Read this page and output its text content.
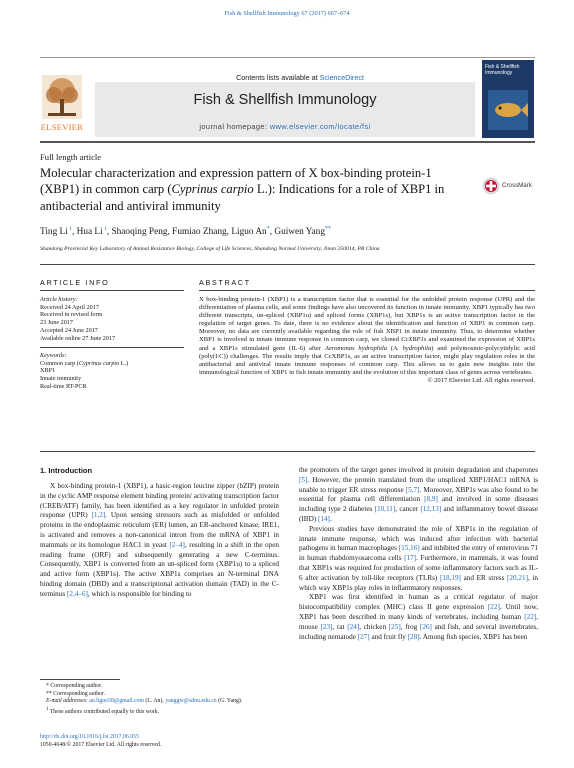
Fish & Shellfish Immunology 67 (2017) 667–674
ELSEVIER
Contents lists available at ScienceDirect
Fish & Shellfish Immunology
journal homepage: www.elsevier.com/locate/fsi
Fish & Shellfish Immunology
Full length article
Molecular characterization and expression pattern of X box-binding protein-1 (XBP1) in common carp (Cyprinus carpio L.): Indications for a role of XBP1 in antibacterial and antiviral immunity
CrossMark
Ting Li $^1$, Hua Li $^1$, Shaoqing Peng, Fumiao Zhang, Liguo An*, Guiwen Yang**
Shandong Provincial Key Laboratory of Animal Resistance Biology, College of Life Sciences, Shandong Normal University, Jinan 250014, PR China
ARTICLE INFO	ABSTRACT
Article history:
Received 24 April 2017
Received in revised form
23 June 2017
Accepted 24 June 2017
Available online 27 June 2017
Keywords:
Common carp (Cyprinus carpio L.)
XBP1
Innate immunity
Real-time RT-PCR
X box-binding protein-1 (XBP1) is a transcription factor that is essential for the unfolded protein response (UPR) and the differentiation of plasma cells, and some findings have also uncovered its function in innate immunity. XBP1 typically has two different transcripts, un-spliced (XBP1u) and spliced forms (XBP1s), but XBP1s is an active transcription factor in the regulation of target genes. To date, there is no evidence about the identification and function of XBP1 in common carp. Moreover, no data are currently available regarding the role of fish XBP1 in innate immunity. Thus, to determine whether XBP1 is involved in innate immune response in common carp, we cloned CcXBP1s and examined the expression of XBP1s and a XBP1s stimulated gene (IL-6) after Aeromonas hydrophila (A. hydrophila) and polyinosinic-polycytidylic acid (poly(I:C)) challenges. The results imply that CcXBP1s, as an active transcription factor, might play regulation roles in the antibacterial and antiviral innate immune responses of common carp. This allows us to gain new insights into the immunological function of XBP1 in fish innate immunity and the evolution of this important class of genes across vertebrates.
© 2017 Elsevier Ltd. All rights reserved.
1. Introduction

X box-binding protein-1 (XBP1), a basic-region leucine zipper (bZIP) protein in the cyclic AMP response element binding protein/ activating transcription factor (CREB/ATF) family, has been identified as a key regulator in unfolded protein response (UPR) [1,2]. Upon sensing stressors such as misfolded or unfolded proteins in the endoplasmic reticulum (ER) lumen, an ER-anchored kinase, IRE1, is activated and removes a non-canonical intron from the mRNA of XBP1 in mammals or its homologue HAC1 in yeast [2–4], resulting in a shift in the open reading frame (ORF) and subsequently generating a new C-terminus. Consequently, XBP1 is converted from an un-spliced form (XBP1u) to a spliced and active form (XBP1s). The active XBP1s comprises an N-terminal DNA binding domain (DBD) and a transcriptional activation domain (TAD) in the C-terminus [2,4–6], which is responsible for binding to

the promoters of the target genes involved in protein degradation and chaperones [5]. However, the protein translated from the unspliced XBP1/HAC1 mRNA is unable to trigger ER stress response [5,7]. Moreover, XBP1s was also found to be essential for plasma cell differentiation [8,9] and involved in some diseases including type 2 diabetes [10,11], cancer [12,13] and inflammatory bowel disease (IBD) [14].

Previous studies have demonstrated the role of XBP1s in the regulation of innate immune response, which was induced after infection with bacterial pathogens in human macrophages [15,16] and inhibited the entry of enterovirus 71 in human rhabdomyosarcoma cells [17]. Furthermore, in mammals, it was found that XBP1s was required for production of some inflammatory factors such as IL-6 after activation by toll-like receptors (TLRs) [18,19] and ER stress [20,21], in which way XBP1s play roles in inflammatory responses.

XBP1 was first identified in human as a critical regulator of major histocompatibility complex (MHC) class II gene expression [22]. Until now, XBP1 has been described in many kinds of vertebrates, including human [22], mouse [23], rat [24], chicken [25], frog [26] and fish, and several invertebrates, including nematode [27] and fruit fly [28]. Among fish species, XBP1 has been

* Corresponding author.
** Corresponding author.
E-mail addresses: an.liguo58@gmail.com (L. An), yanggw@sdnu.edu.cn (G. Yang).
$^1$ These authors contributed equally to this work.
http://dx.doi.org/10.1016/j.fsi.2017.06.055
1050-4648/© 2017 Elsevier Ltd. All rights reserved.
